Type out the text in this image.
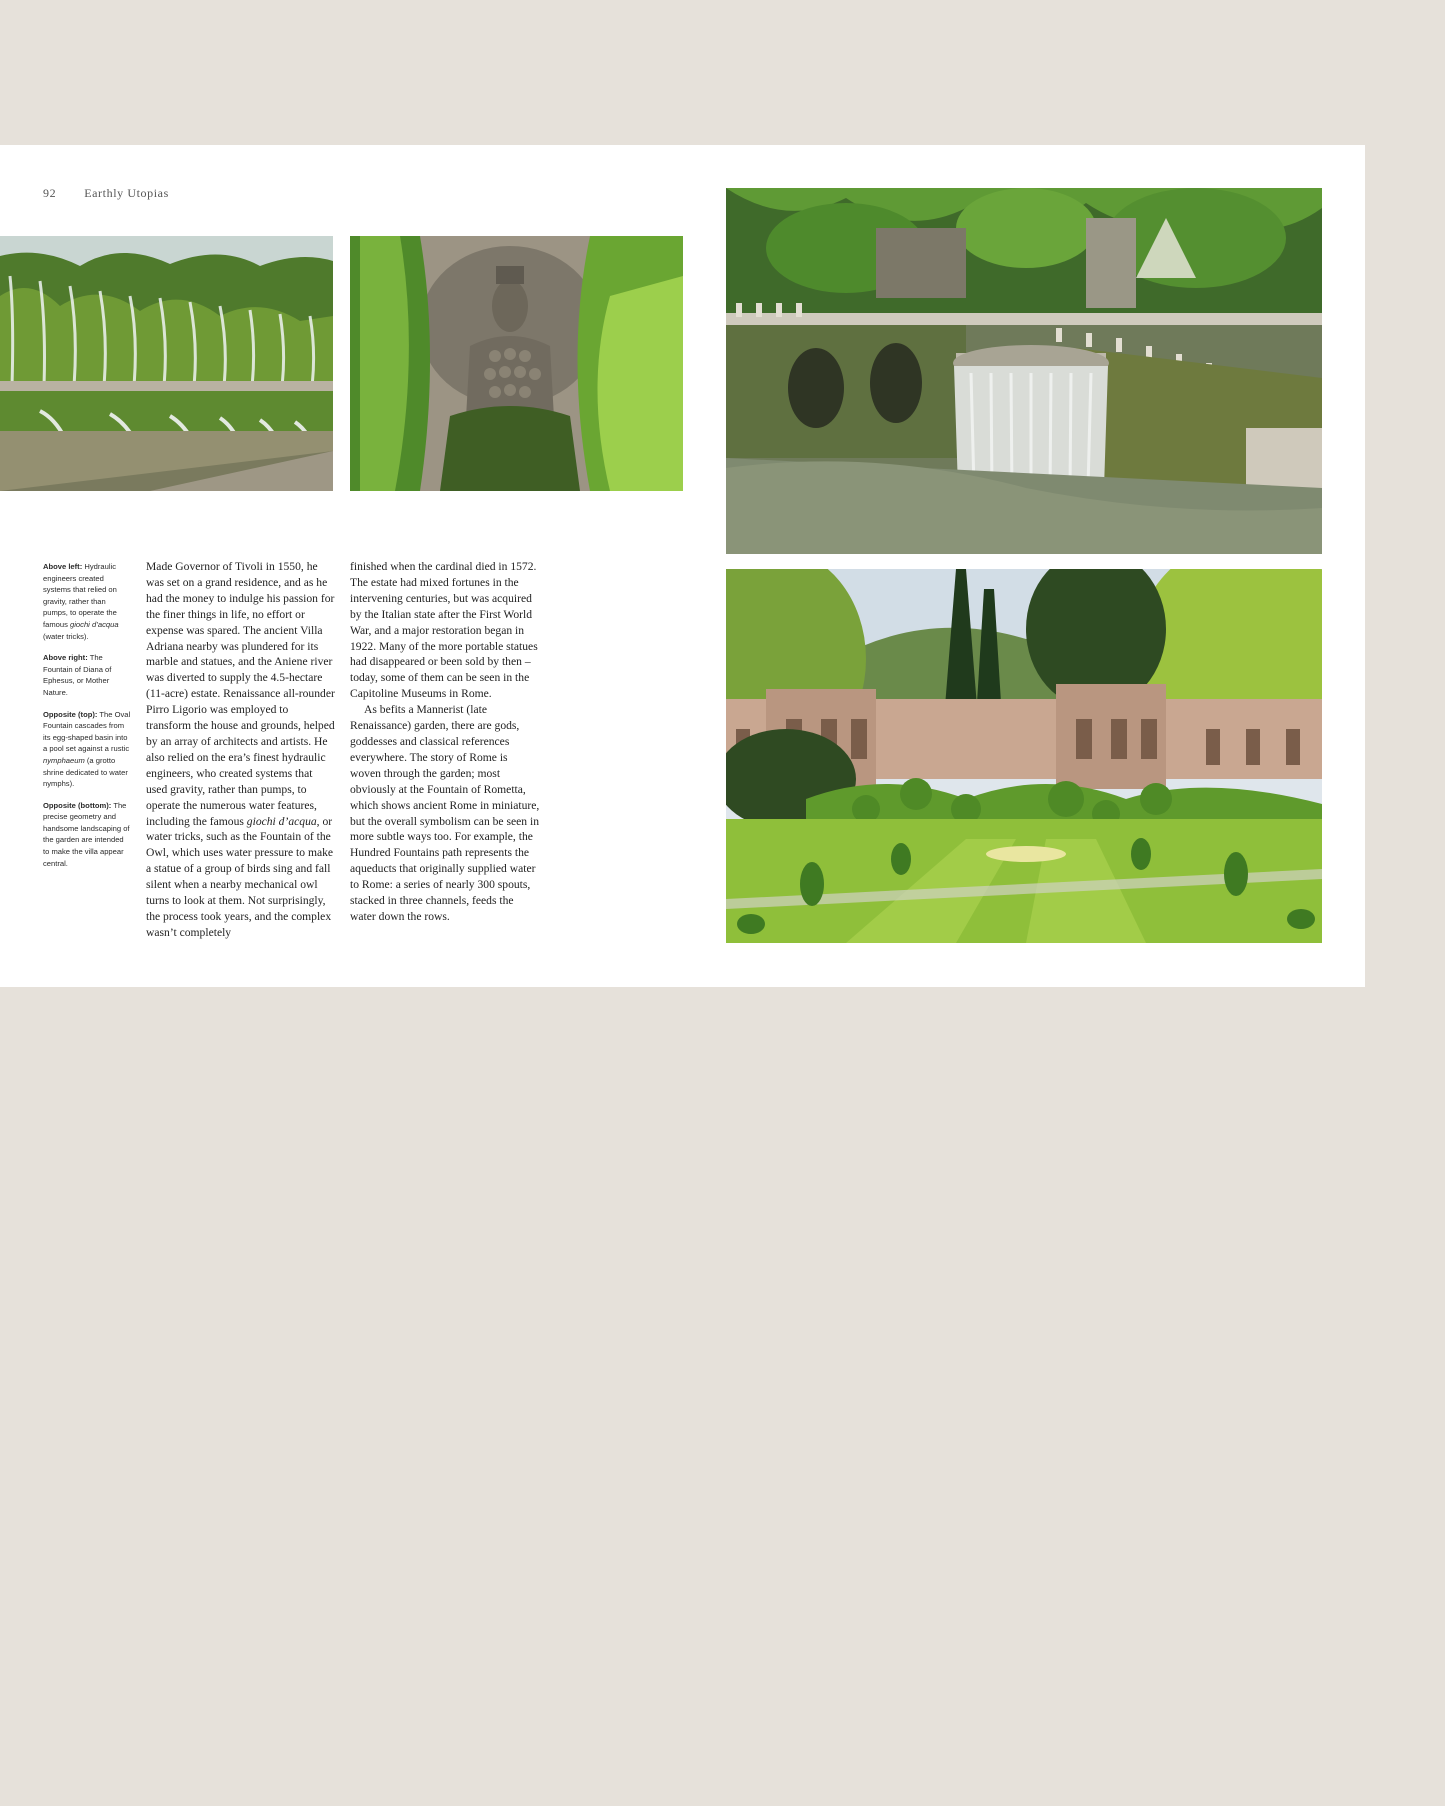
92 Earthly Utopias

Above left: Hydraulic engineers created systems that relied on gravity, rather than pumps, to operate the famous giochi d’acqua (water tricks).

Above right: The Fountain of Diana of Ephesus, or Mother Nature.

Opposite (top): The Oval Fountain cascades from its egg-shaped basin into a pool set against a rustic nymphaeum (a grotto shrine dedicated to water nymphs).

Opposite (bottom): The precise geometry and handsome landscaping of the garden are intended to make the villa appear central.

Made Governor of Tivoli in 1550, he was set on a grand residence, and as he had the money to indulge his passion for the finer things in life, no effort or expense was spared. The ancient Villa Adriana nearby was plundered for its marble and statues, and the Aniene river was diverted to supply the 4.5-hectare (11-acre) estate. Renaissance all-rounder Pirro Ligorio was employed to transform the house and grounds, helped by an array of architects and artists. He also relied on the era’s finest hydraulic engineers, who created systems that used gravity, rather than pumps, to operate the numerous water features, including the famous giochi d’acqua, or water tricks, such as the Fountain of the Owl, which uses water pressure to make a statue of a group of birds sing and fall silent when a nearby mechanical owl turns to look at them. Not surprisingly, the process took years, and the complex wasn’t completely

finished when the cardinal died in 1572. The estate had mixed fortunes in the intervening centuries, but was acquired by the Italian state after the First World War, and a major restoration began in 1922. Many of the more portable statues had disappeared or been sold by then – today, some of them can be seen in the Capitoline Museums in Rome.

As befits a Mannerist (late Renaissance) garden, there are gods, goddesses and classical references everywhere. The story of Rome is woven through the garden; most obviously at the Fountain of Rometta, which shows ancient Rome in miniature, but the overall symbolism can be seen in more subtle ways too. For example, the Hundred Fountains path represents the aqueducts that originally supplied water to Rome: a series of nearly 300 spouts, stacked in three channels, feeds the water down the rows.
